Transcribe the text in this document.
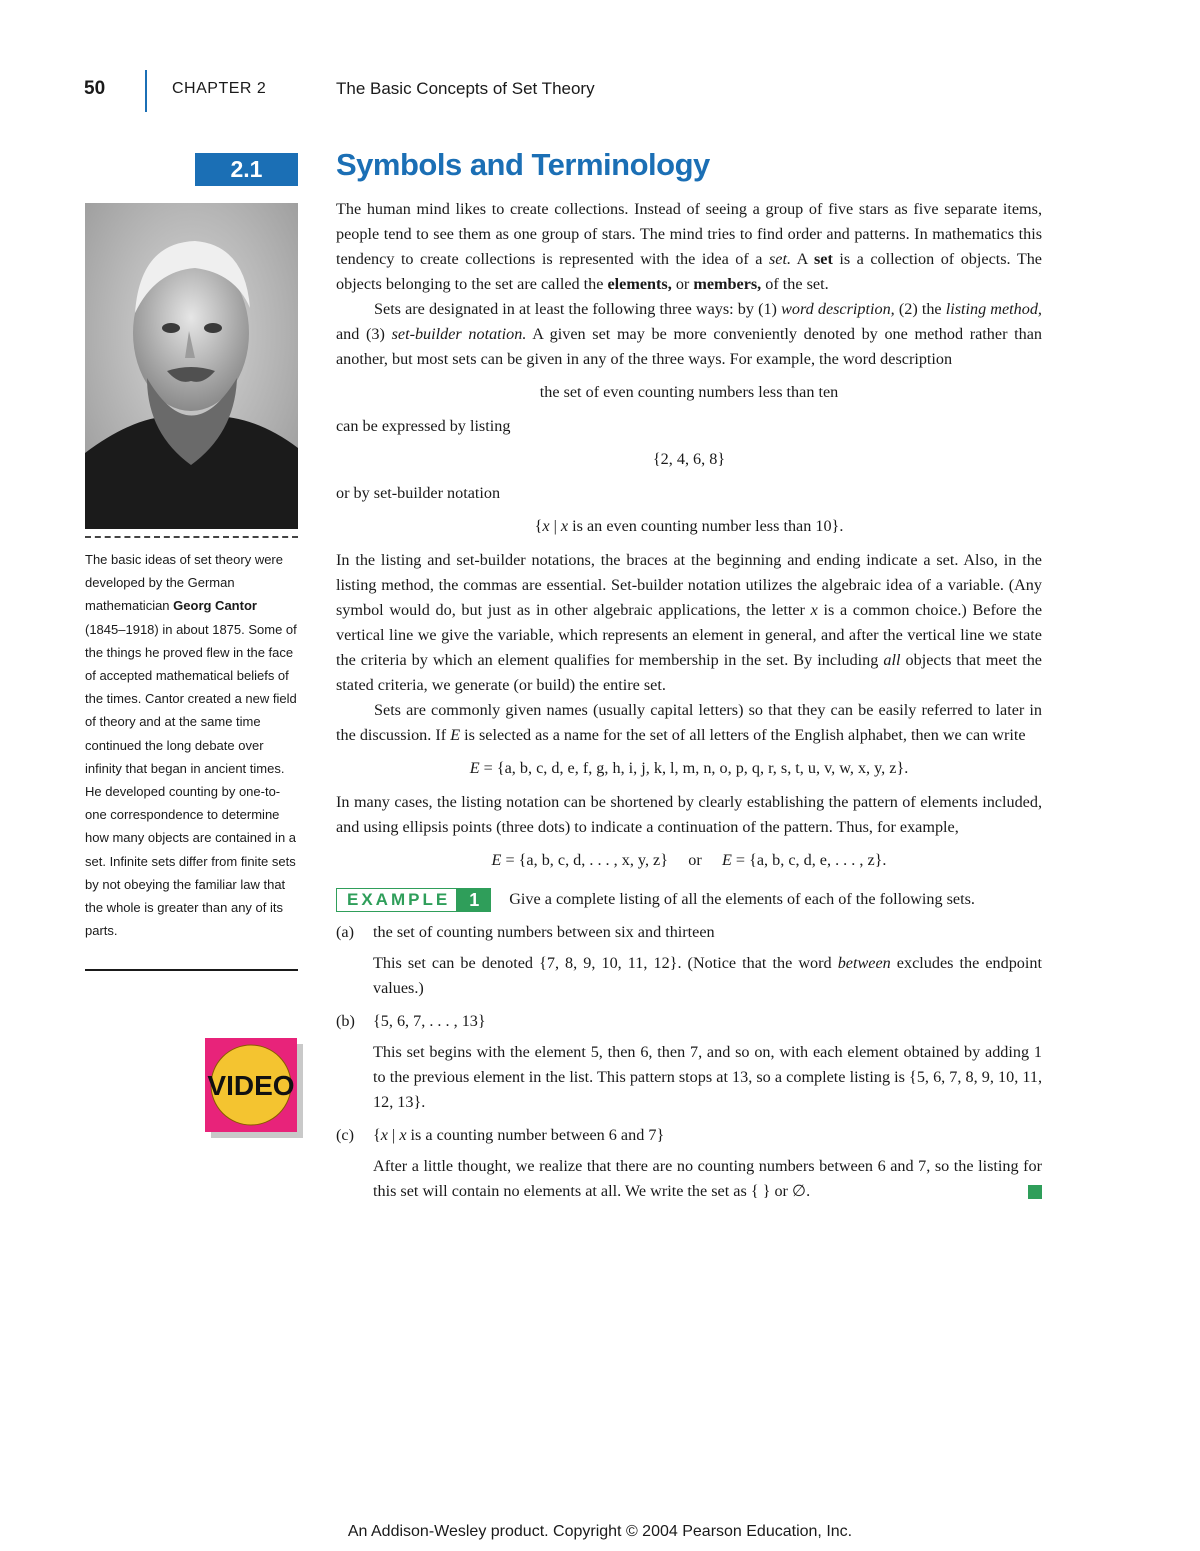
50	CHAPTER 2	The Basic Concepts of Set Theory
2.1	Symbols and Terminology
The basic ideas of set theory were developed by the German mathematician Georg Cantor (1845–1918) in about 1875. Some of the things he proved flew in the face of accepted mathematical beliefs of the times. Cantor created a new field of theory and at the same time continued the long debate over infinity that began in ancient times. He developed counting by one-to-one correspondence to determine how many objects are contained in a set. Infinite sets differ from finite sets by not obeying the familiar law that the whole is greater than any of its parts.
VIDEO

The human mind likes to create collections. Instead of seeing a group of five stars as five separate items, people tend to see them as one group of stars. The mind tries to find order and patterns. In mathematics this tendency to create collections is represented with the idea of a set. A set is a collection of objects. The objects belonging to the set are called the elements, or members, of the set.

Sets are designated in at least the following three ways: by (1) word description, (2) the listing method, and (3) set-builder notation. A given set may be more conveniently denoted by one method rather than another, but most sets can be given in any of the three ways. For example, the word description

the set of even counting numbers less than ten

can be expressed by listing

{2, 4, 6, 8}

or by set-builder notation

{x | x is an even counting number less than 10}.

In the listing and set-builder notations, the braces at the beginning and ending indicate a set. Also, in the listing method, the commas are essential. Set-builder notation utilizes the algebraic idea of a variable. (Any symbol would do, but just as in other algebraic applications, the letter x is a common choice.) Before the vertical line we give the variable, which represents an element in general, and after the vertical line we state the criteria by which an element qualifies for membership in the set. By including all objects that meet the stated criteria, we generate (or build) the entire set.

Sets are commonly given names (usually capital letters) so that they can be easily referred to later in the discussion. If E is selected as a name for the set of all letters of the English alphabet, then we can write

E = {a, b, c, d, e, f, g, h, i, j, k, l, m, n, o, p, q, r, s, t, u, v, w, x, y, z}.

In many cases, the listing notation can be shortened by clearly establishing the pattern of elements included, and using ellipsis points (three dots) to indicate a continuation of the pattern. Thus, for example,

E = {a, b, c, d, . . . , x, y, z}     or     E = {a, b, c, d, e, . . . , z}.
EXAMPLE 1 Give a complete listing of all the elements of each of the following sets.
(a) the set of counting numbers between six and thirteen
This set can be denoted {7, 8, 9, 10, 11, 12}. (Notice that the word between excludes the endpoint values.)
(b) {5, 6, 7, . . . , 13}
This set begins with the element 5, then 6, then 7, and so on, with each element obtained by adding 1 to the previous element in the list. This pattern stops at 13, so a complete listing is {5, 6, 7, 8, 9, 10, 11, 12, 13}.
(c) {x | x is a counting number between 6 and 7}
After a little thought, we realize that there are no counting numbers between 6 and 7, so the listing for this set will contain no elements at all. We write the set as { } or ∅.
An Addison-Wesley product. Copyright © 2004 Pearson Education, Inc.
